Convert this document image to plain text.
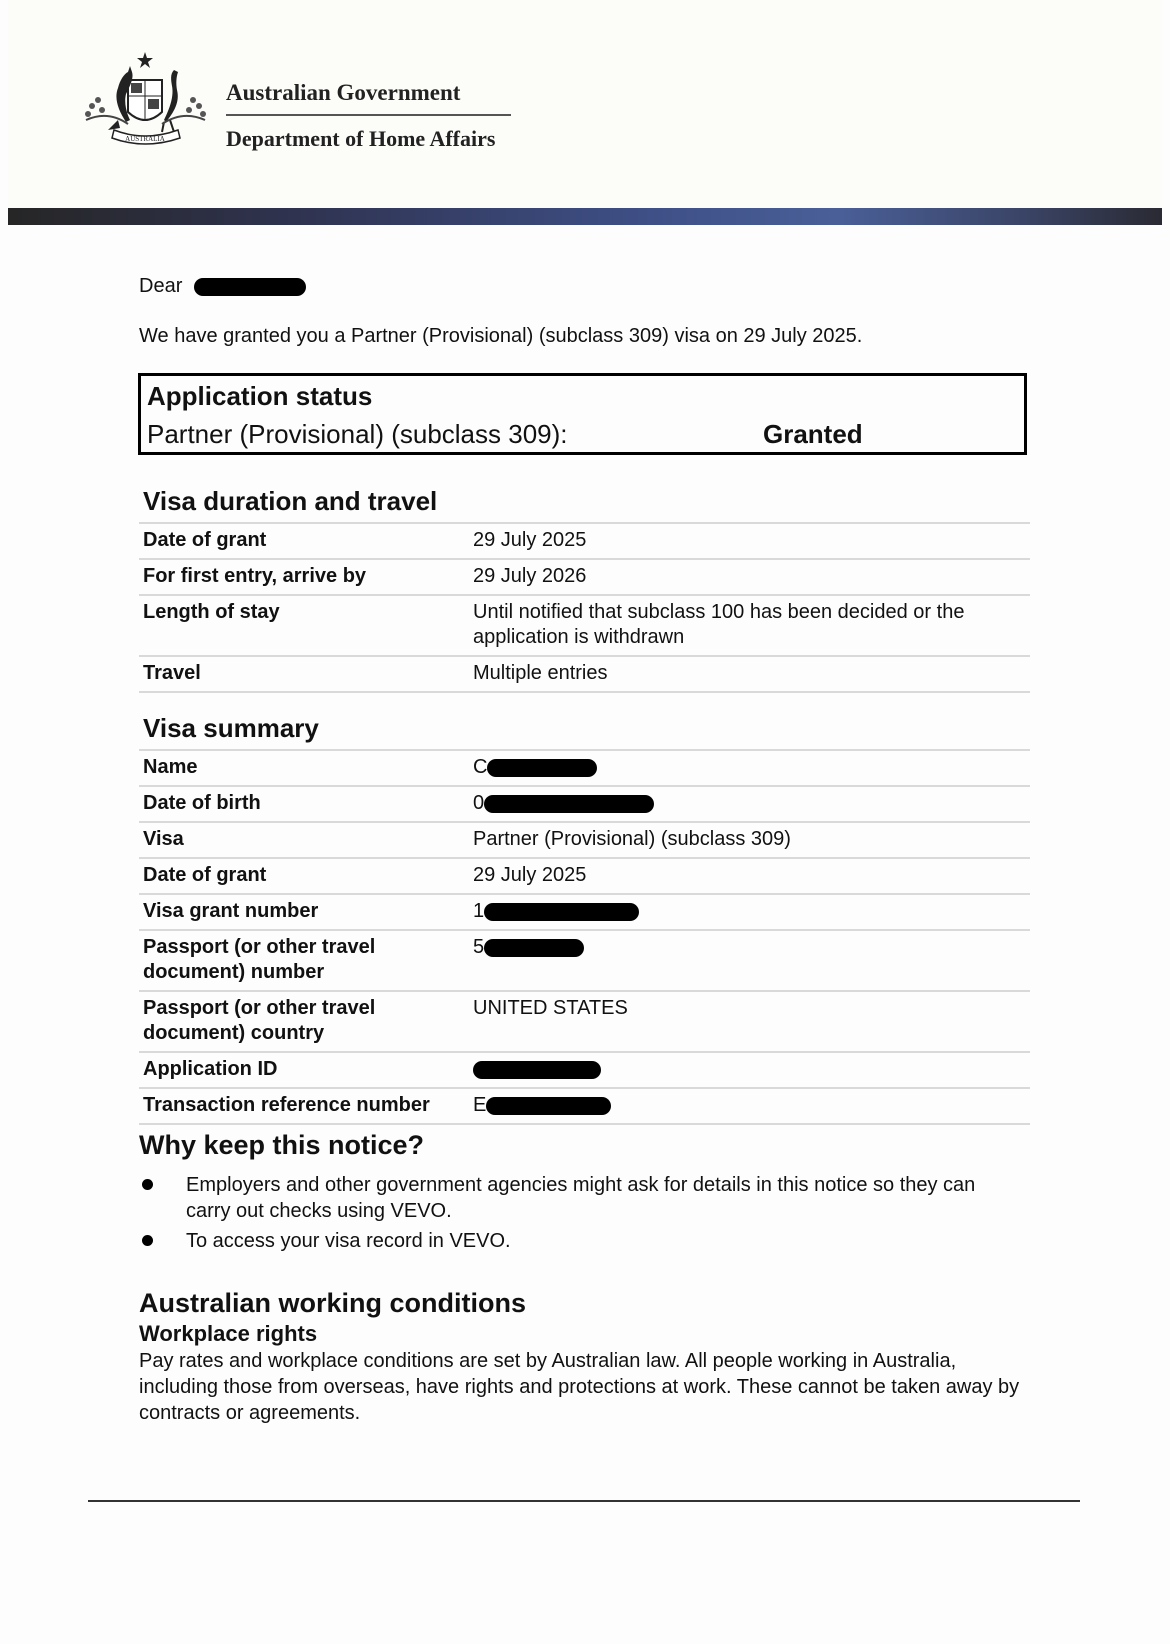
AUSTRALIA
Australian Government
Department of Home Affairs
Dear
We have granted you a Partner (Provisional) (subclass 309) visa on 29 July 2025.
Application status
Partner (Provisional) (subclass 309):	Granted
Visa duration and travel
Date of grant	29 July 2025
For first entry, arrive by	29 July 2026
Length of stay	Until notified that subclass 100 has been decided or the application is withdrawn
Travel	Multiple entries
Visa summary
Name	C
Date of birth	0
Visa	Partner (Provisional) (subclass 309)
Date of grant	29 July 2025
Visa grant number	1
Passport (or other travel document) number	5
Passport (or other travel document) country	UNITED STATES
Application ID	
Transaction reference number	E
Why keep this notice?
Employers and other government agencies might ask for details in this notice so they can carry out checks using VEVO.
To access your visa record in VEVO.
Australian working conditions
Workplace rights
Pay rates and workplace conditions are set by Australian law. All people working in Australia, including those from overseas, have rights and protections at work. These cannot be taken away by contracts or agreements.
